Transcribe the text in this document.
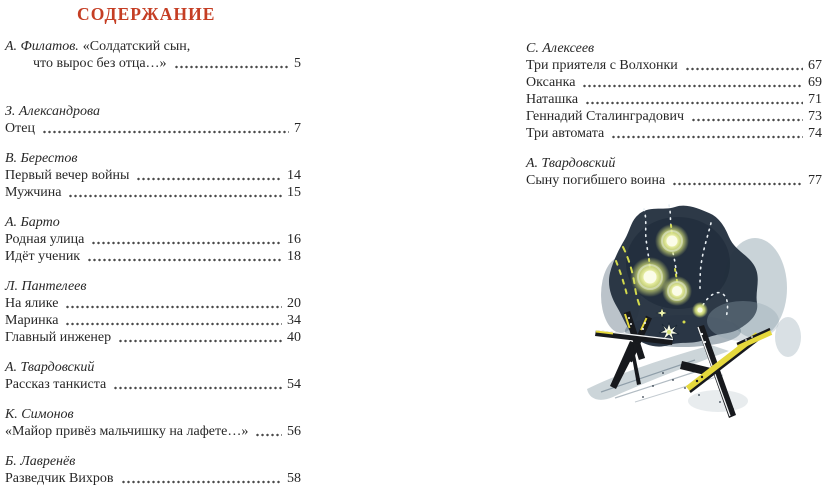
СОДЕРЖАНИЕ
А. Филатов. «Солдатский сын,
что вырос без отца…»	5
З. Александрова
Отец	7
В. Берестов
Первый вечер войны	14
Мужчина	15
А. Барто
Родная улица	16
Идёт ученик	18
Л. Пантелеев
На ялике	20
Маринка	34
Главный инженер	40
А. Твардовский
Рассказ танкиста	54
К. Симонов
«Майор привёз мальчишку на лафете…»	56
Б. Лавренёв
Разведчик Вихров	58
С. Алексеев
Три приятеля с Волхонки	67
Оксанка	69
Наташка	71
Геннадий Сталинградович	73
Три автомата	74
А. Твардовский
Сыну погибшего воина	77
